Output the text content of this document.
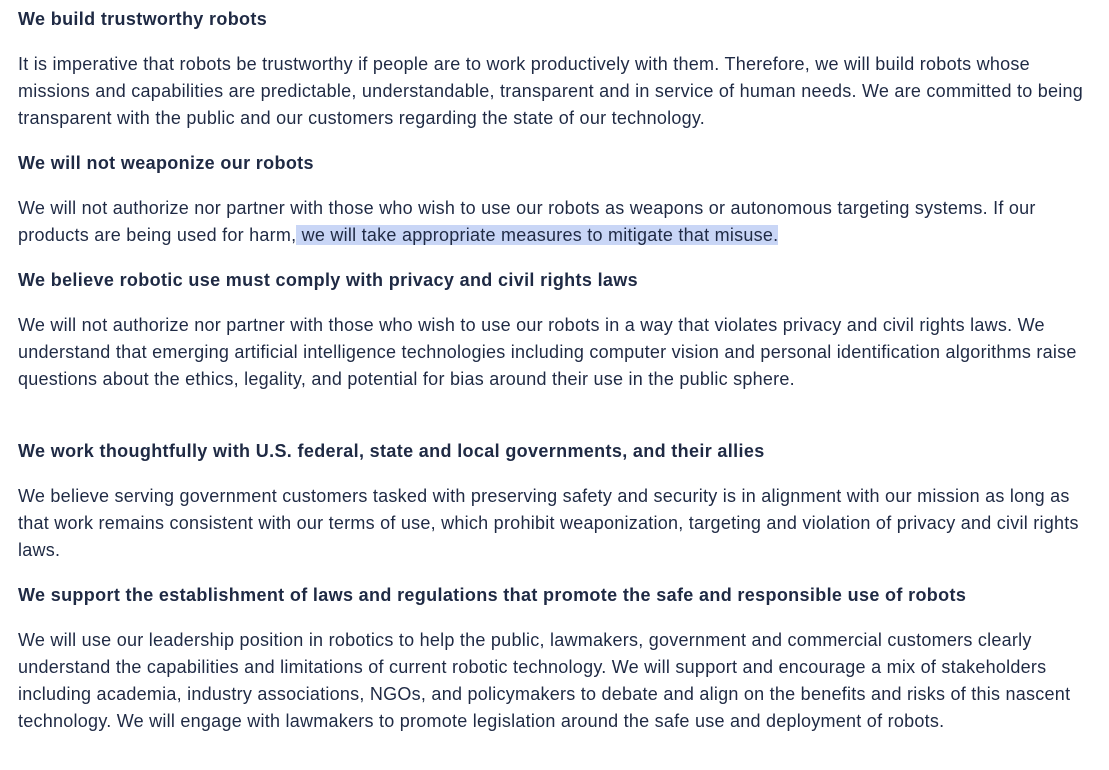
We build trustworthy robots

It is imperative that robots be trustworthy if people are to work productively with them. Therefore, we will build robots whose missions and capabilities are predictable, understandable, transparent and in service of human needs. We are committed to being transparent with the public and our customers regarding the state of our technology.

We will not weaponize our robots

We will not authorize nor partner with those who wish to use our robots as weapons or autonomous targeting systems. If our products are being used for harm, we will take appropriate measures to mitigate that misuse.

We believe robotic use must comply with privacy and civil rights laws

We will not authorize nor partner with those who wish to use our robots in a way that violates privacy and civil rights laws. We understand that emerging artificial intelligence technologies including computer vision and personal identification algorithms raise questions about the ethics, legality, and potential for bias around their use in the public sphere.

We work thoughtfully with U.S. federal, state and local governments, and their allies

We believe serving government customers tasked with preserving safety and security is in alignment with our mission as long as that work remains consistent with our terms of use, which prohibit weaponization, targeting and violation of privacy and civil rights laws.

We support the establishment of laws and regulations that promote the safe and responsible use of robots

We will use our leadership position in robotics to help the public, lawmakers, government and commercial customers clearly understand the capabilities and limitations of current robotic technology. We will support and encourage a mix of stakeholders including academia, industry associations, NGOs, and policymakers to debate and align on the benefits and risks of this nascent technology. We will engage with lawmakers to promote legislation around the safe use and deployment of robots.
